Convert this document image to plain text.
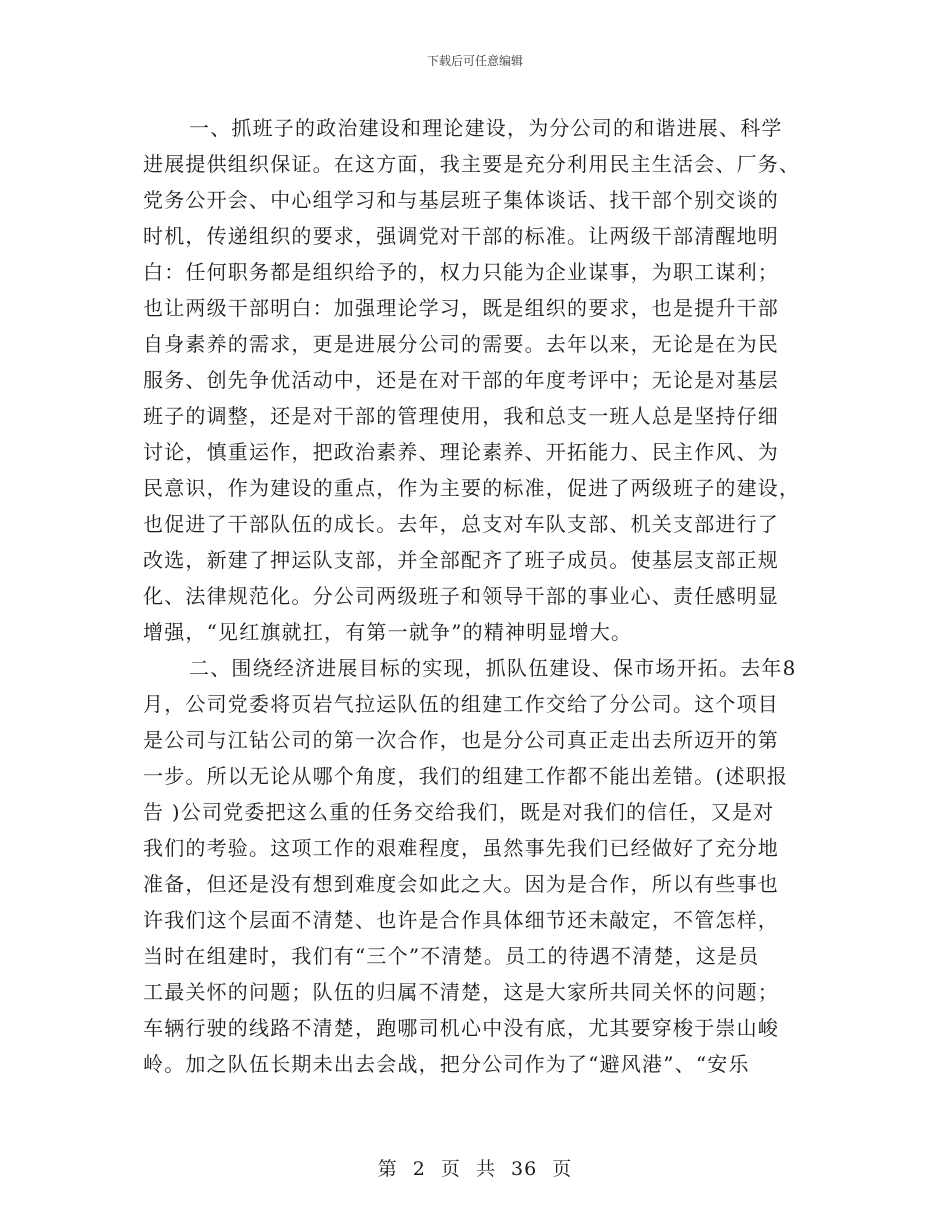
下载后可任意编辑
一、抓班子的政治建设和理论建设，为分公司的和谐进展、科学
进展提供组织保证。在这方面，我主要是充分利用民主生活会、厂务、
党务公开会、中心组学习和与基层班子集体谈话、找干部个别交谈的
时机，传递组织的要求，强调党对干部的标准。让两级干部清醒地明
白：任何职务都是组织给予的，权力只能为企业谋事，为职工谋利；
也让两级干部明白：加强理论学习，既是组织的要求，也是提升干部
自身素养的需求，更是进展分公司的需要。去年以来，无论是在为民
服务、创先争优活动中，还是在对干部的年度考评中；无论是对基层
班子的调整，还是对干部的管理使用，我和总支一班人总是坚持仔细
讨论，慎重运作，把政治素养、理论素养、开拓能力、民主作风、为
民意识，作为建设的重点，作为主要的标准，促进了两级班子的建设，
也促进了干部队伍的成长。去年，总支对车队支部、机关支部进行了
改选，新建了押运队支部，并全部配齐了班子成员。使基层支部正规
化、法律规范化。分公司两级班子和领导干部的事业心、责任感明显
增强，“见红旗就扛，有第一就争”的精神明显增大。
二、围绕经济进展目标的实现，抓队伍建设、保市场开拓。去年8
月，公司党委将页岩气拉运队伍的组建工作交给了分公司。这个项目
是公司与江钻公司的第一次合作，也是分公司真正走出去所迈开的第
一步。所以无论从哪个角度，我们的组建工作都不能出差错。(述职报
告 )公司党委把这么重的任务交给我们，既是对我们的信任，又是对
我们的考验。这项工作的艰难程度，虽然事先我们已经做好了充分地
准备，但还是没有想到难度会如此之大。因为是合作，所以有些事也
许我们这个层面不清楚、也许是合作具体细节还未敲定，不管怎样，
当时在组建时，我们有“三个”不清楚。员工的待遇不清楚，这是员
工最关怀的问题；队伍的归属不清楚，这是大家所共同关怀的问题；
车辆行驶的线路不清楚，跑哪司机心中没有底，尤其要穿梭于崇山峻
岭。加之队伍长期未出去会战，把分公司作为了“避风港”、“安乐
第 2 页 共 36 页
